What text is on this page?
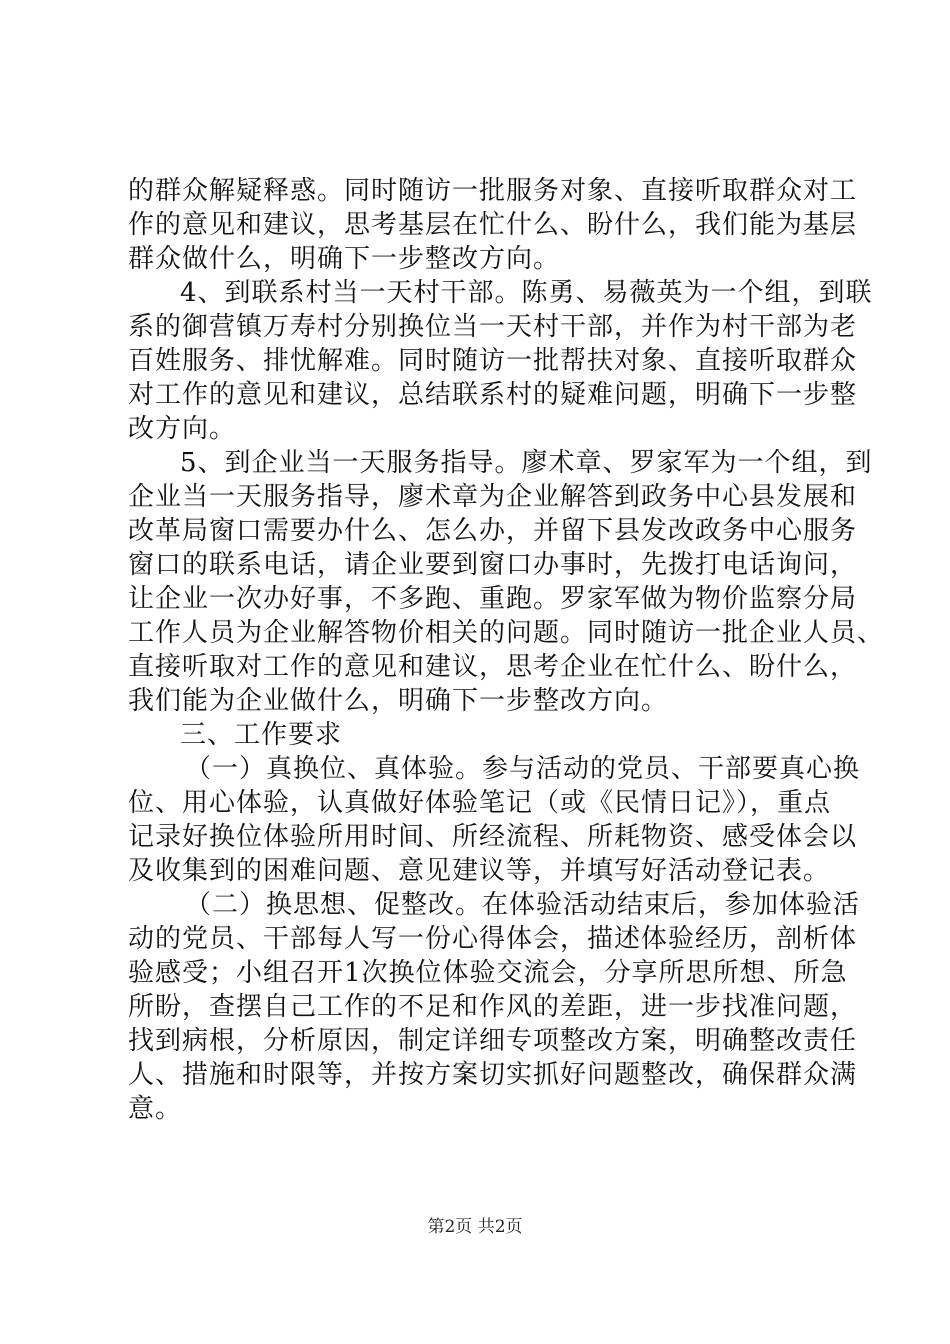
的群众解疑释惑。同时随访一批服务对象、直接听取群众对工
作的意见和建议，思考基层在忙什么、盼什么，我们能为基层
群众做什么，明确下一步整改方向。
4、到联系村当一天村干部。陈勇、易薇英为一个组，到联
系的御营镇万寿村分别换位当一天村干部，并作为村干部为老
百姓服务、排忧解难。同时随访一批帮扶对象、直接听取群众
对工作的意见和建议，总结联系村的疑难问题，明确下一步整
改方向。
5、到企业当一天服务指导。廖术章、罗家军为一个组，到
企业当一天服务指导，廖术章为企业解答到政务中心县发展和
改革局窗口需要办什么、怎么办，并留下县发改政务中心服务
窗口的联系电话，请企业要到窗口办事时，先拨打电话询问，
让企业一次办好事，不多跑、重跑。罗家军做为物价监察分局
工作人员为企业解答物价相关的问题。同时随访一批企业人员、
直接听取对工作的意见和建议，思考企业在忙什么、盼什么，
我们能为企业做什么，明确下一步整改方向。
三、工作要求
（一）真换位、真体验。参与活动的党员、干部要真心换
位、用心体验，认真做好体验笔记（或《民情日记》），重点
记录好换位体验所用时间、所经流程、所耗物资、感受体会以
及收集到的困难问题、意见建议等，并填写好活动登记表。
（二）换思想、促整改。在体验活动结束后，参加体验活
动的党员、干部每人写一份心得体会，描述体验经历，剖析体
验感受；小组召开1次换位体验交流会，分享所思所想、所急
所盼，查摆自己工作的不足和作风的差距，进一步找准问题，
找到病根，分析原因，制定详细专项整改方案，明确整改责任
人、措施和时限等，并按方案切实抓好问题整改，确保群众满
意。
第2页 共2页
